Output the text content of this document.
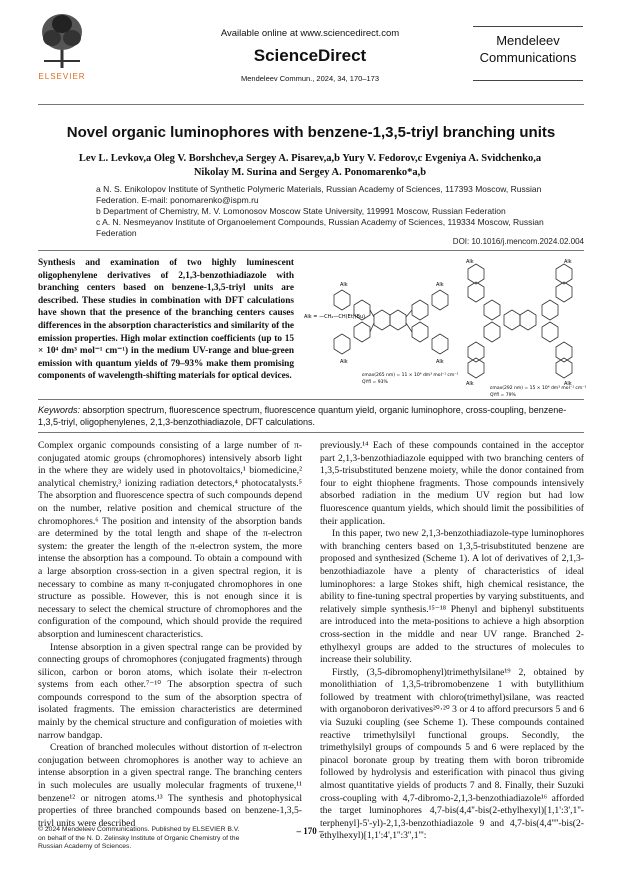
ELSEVIER
Available online at www.sciencedirect.com
ScienceDirect
Mendeleev Commun., 2024, 34, 170–173
Mendeleev
Communications
Novel organic luminophores with benzene-1,3,5-triyl branching units
Lev L. Levkov,a Oleg V. Borshchev,a Sergey A. Pisarev,a,b Yury V. Fedorov,c Evgeniya A. Svidchenko,a
Nikolay M. Surina and Sergey A. Ponomarenko*a,b
a N. S. Enikolopov Institute of Synthetic Polymeric Materials, Russian Academy of Sciences, 117393 Moscow, Russian Federation. E-mail: ponomarenko@ispm.ru
b Department of Chemistry, M. V. Lomonosov Moscow State University, 119991 Moscow, Russian Federation
c A. N. Nesmeyanov Institute of Organoelement Compounds, Russian Academy of Sciences, 119334 Moscow, Russian Federation
DOI: 10.1016/j.mencom.2024.02.004
Synthesis and examination of two highly luminescent oligophenylene derivatives of 2,1,3-benzothiadiazole with branching centers based on benzene-1,3,5-triyl units are described. These studies in combination with DFT calculations have shown that the presence of the branching centers causes differences in the absorption characteristics and similarity of the emission properties. High molar extinction coefficients (up to 15 × 10⁴ dm³ mol⁻¹ cm⁻¹) in the medium UV-range and blue-green emission with quantum yields of 79–93% make them promising components of wavelength-shifting materials for optical devices.
Alk	Alk
Alk	Alk
Alk = —CH₂—CH(Et)(Bu)
Alk	Alk
Alk	Alk
εmax(265 nm) = 11 × 10⁴ dm³ mol⁻¹ cm⁻¹
QYfl = 93%
εmax(292 nm) = 15 × 10⁴ dm³ mol⁻¹ cm⁻¹
QYfl = 79%
Keywords: absorption spectrum, fluorescence spectrum, fluorescence quantum yield, organic luminophore, cross-coupling, benzene-1,3,5-triyl, oligophenylenes, 2,1,3-benzothiadiazole, DFT calculations.

Complex organic compounds consisting of a large number of π-conjugated atomic groups (chromophores) intensively absorb light in the where they are widely used in photovoltaics,¹ biomedicine,² analytical chemistry,³ ionizing radiation detectors,⁴ photocatalysts.⁵ The absorption and fluorescence spectra of such compounds depend on the number, relative position and chemical structure of the chromophores.⁶ The position and intensity of the absorption bands are determined by the total length and shape of the π-electron system: the greater the length of the π-electron system, the more intense the absorption has a compound. To obtain a compound with a large absorption cross-section in a given spectral region, it is necessary to combine as many π-conjugated chromophores in one structure as possible. However, this is not enough since it is necessary to select the chemical structure of chromophores and the configuration of the compound, which should provide the required absorption and luminescent characteristics.

Intense absorption in a given spectral range can be provided by connecting groups of chromophores (conjugated fragments) through silicon, carbon or boron atoms, which isolate their π-electron systems from each other.⁷⁻¹⁰ The absorption spectra of such compounds correspond to the sum of the absorption spectra of isolated fragments. The emission characteristics are determined mainly by the chemical structure and configuration of moieties with narrow bandgap.

Creation of branched molecules without distortion of π-electron conjugation between chromophores is another way to achieve an intense absorption in a given spectral range. The branching centers in such molecules are usually molecular fragments of truxene,¹¹ benzene¹² or nitrogen atoms.¹³ The synthesis and photophysical properties of three branched compounds based on benzene-1,3,5-triyl units were described

previously.¹⁴ Each of these compounds contained in the acceptor part 2,1,3-benzothiadiazole equipped with two branching centers of 1,3,5-trisubstituted benzene moiety, while the donor contained from four to eight thiophene fragments. Those compounds intensively absorbed radiation in the medium UV region but had low fluorescence quantum yields, which should limit the possibilities of their application.

In this paper, two new 2,1,3-benzothiadiazole-type luminophores with branching centers based on 1,3,5-trisubstituted benzene are proposed and synthesized (Scheme 1). A lot of derivatives of 2,1,3-benzothiadiazole have a plenty of characteristics of ideal luminophores: a large Stokes shift, high chemical resistance, the ability to fine-tuning spectral properties by varying substituents, and relatively simple synthesis.¹⁵⁻¹⁸ Phenyl and biphenyl substituents are introduced into the meta-positions to achieve a high absorption cross-section in the middle and near UV range. Branched 2-ethylhexyl groups are added to the structures of molecules to increase their solubility.

Firstly, (3,5-dibromophenyl)trimethylsilane¹⁹ 2, obtained by monolithiation of 1,3,5-tribromobenzene 1 with butyllithium followed by treatment with chloro(trimethyl)silane, was reacted with organoboron derivatives²⁰·²⁰ 3 or 4 to afford precursors 5 and 6 via Suzuki coupling (see Scheme 1). These compounds contained reactive trimethylsilyl functional groups. Secondly, the trimethylsilyl groups of compounds 5 and 6 were replaced by the pinacol boronate group by treating them with boron tribromide followed by hydrolysis and esterification with pinacol thus giving almost quantitative yields of products 7 and 8. Finally, their Suzuki cross-coupling with 4,7-dibromo-2,1,3-benzothiadiazole¹⁶ afforded the target luminophores 4,7-bis(4,4''-bis(2-ethylhexyl)[1,1':3',1''-terphenyl]-5'-yl)-2,1,3-benzothiadiazole 9 and 4,7-bis(4,4''''-bis(2-ethylhexyl)[1,1':4',1'':3'',1''':

© 2024 Mendeleev Communications. Published by ELSEVIER B.V. on behalf of the N. D. Zelinsky Institute of Organic Chemistry of the Russian Academy of Sciences.
– 170 –
